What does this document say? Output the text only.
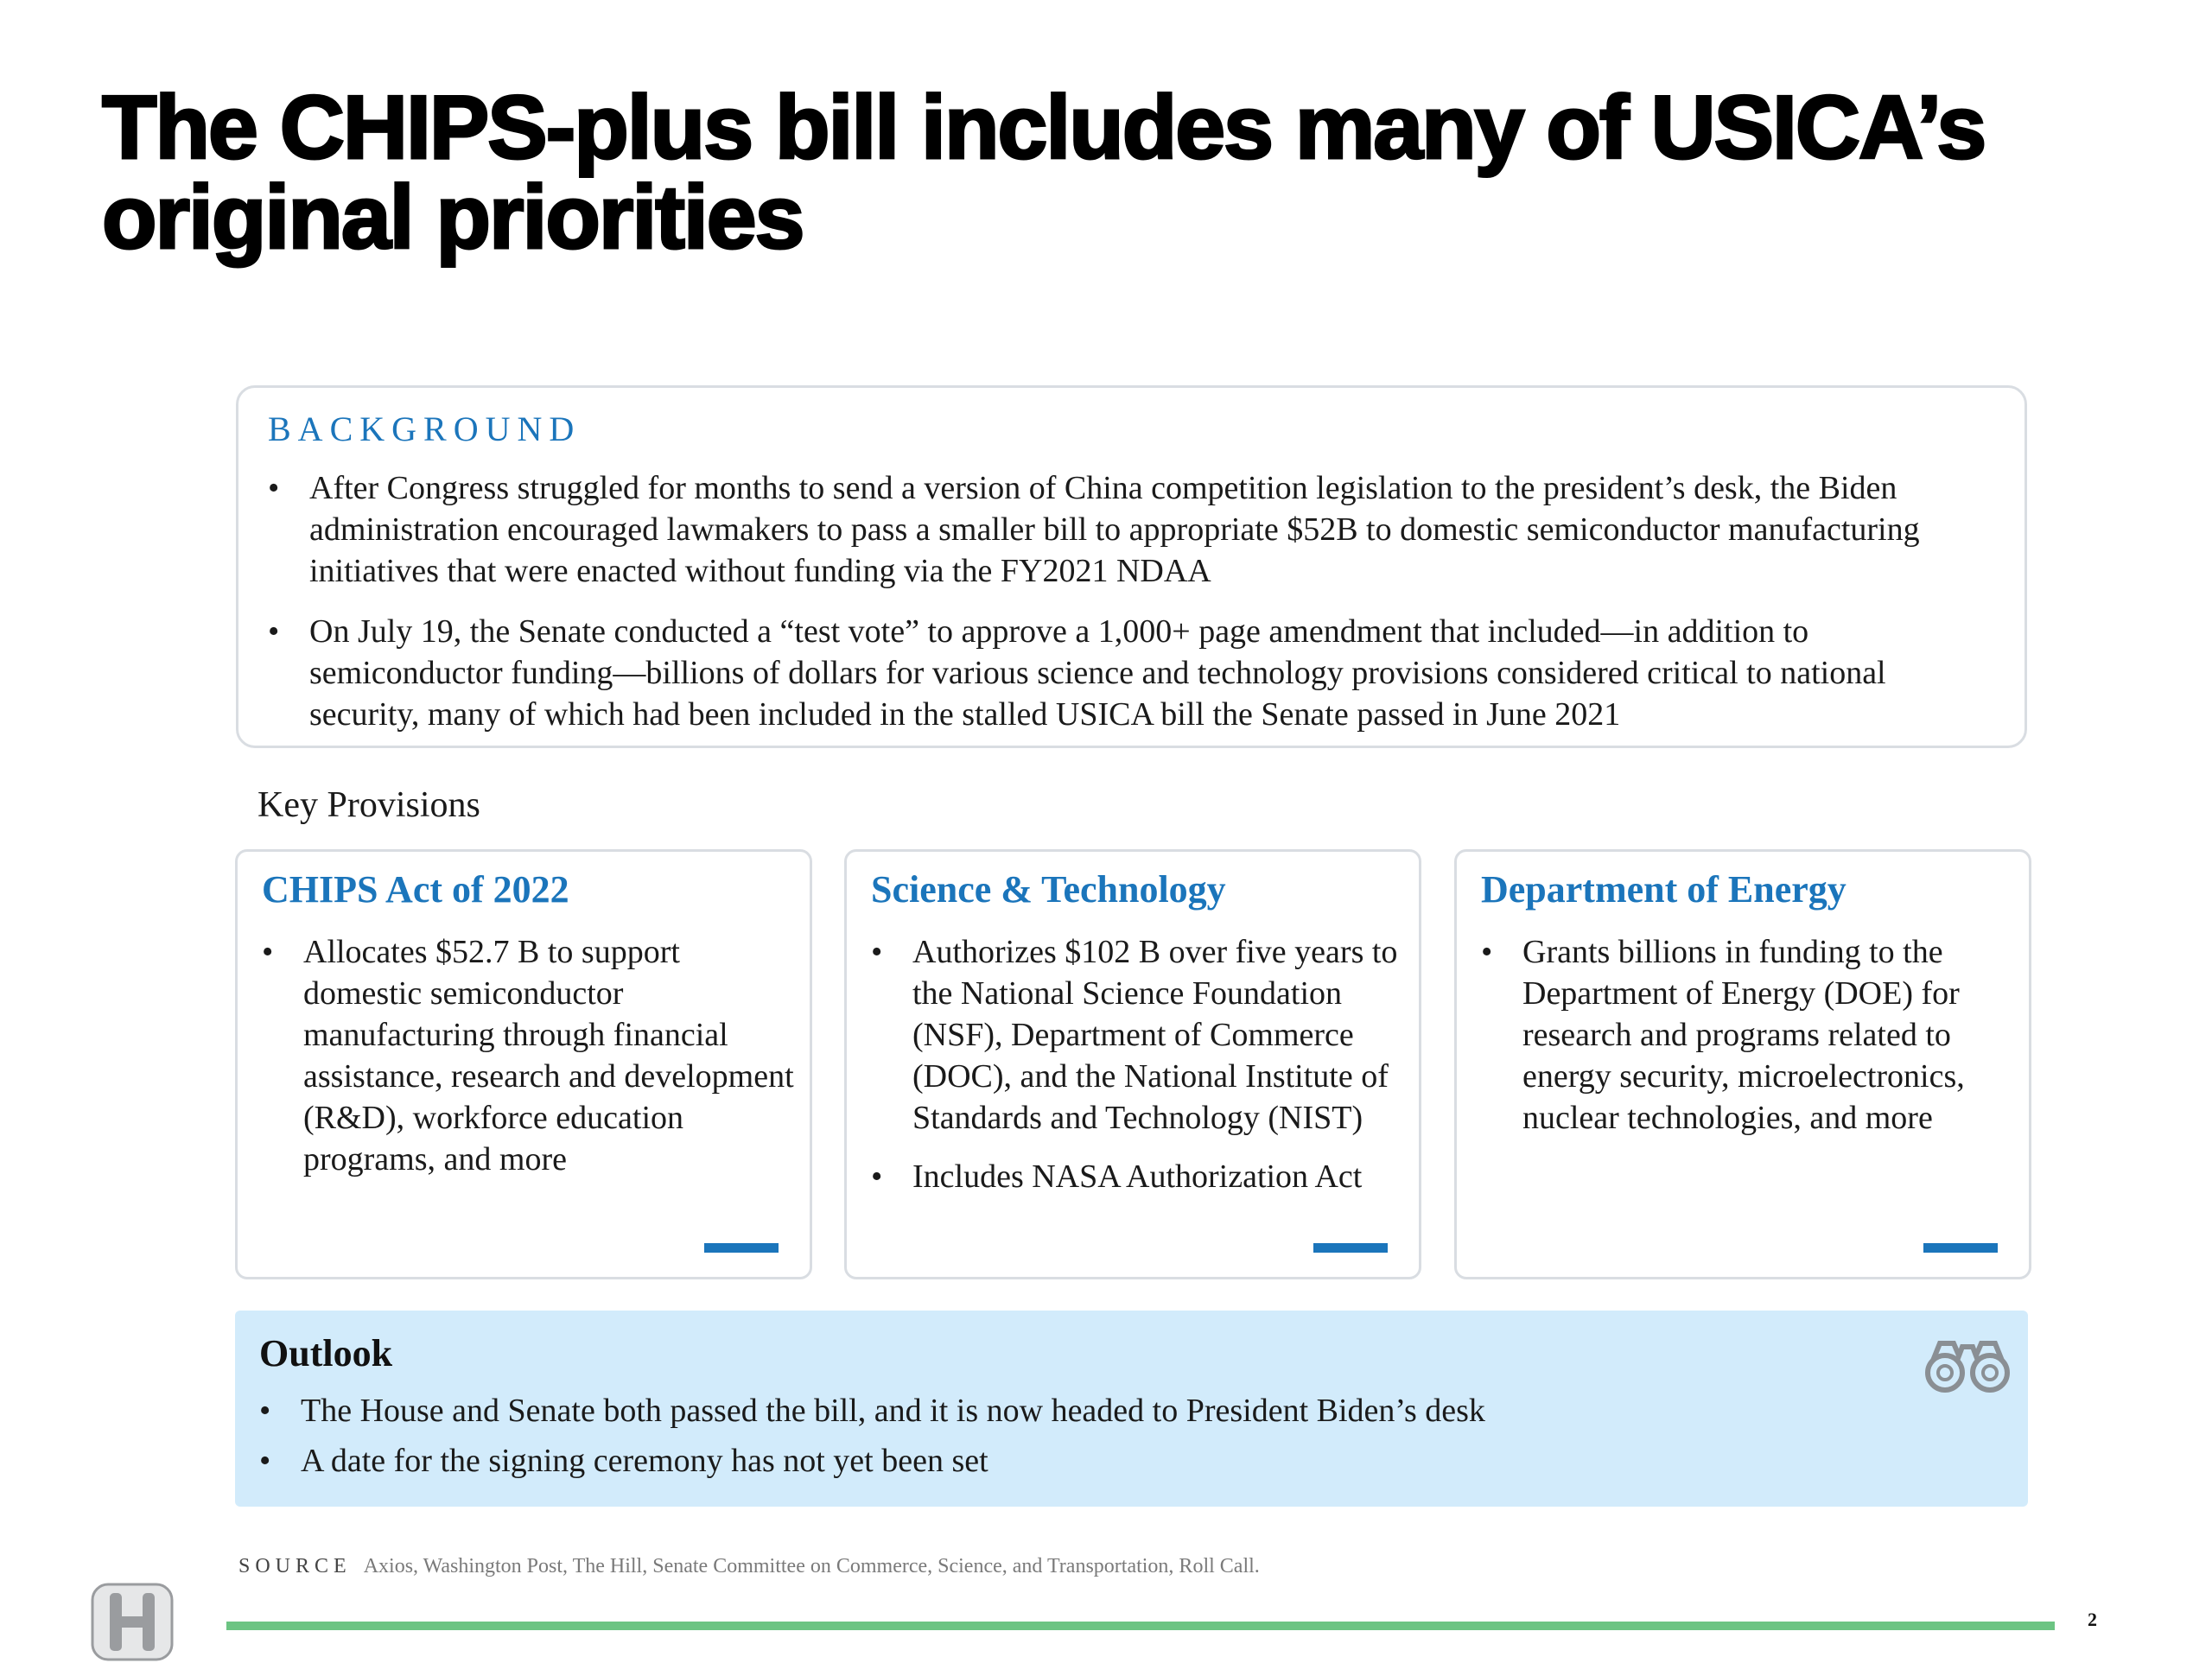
The CHIPS-plus bill includes many of USICA’s original priorities
BACKGROUND
• After Congress struggled for months to send a version of China competition legislation to the president’s desk, the Biden administration encouraged lawmakers to pass a smaller bill to appropriate $52B to domestic semiconductor manufacturing initiatives that were enacted without funding via the FY2021 NDAA
• On July 19, the Senate conducted a “test vote” to approve a 1,000+ page amendment that included—in addition to semiconductor funding—billions of dollars for various science and technology provisions considered critical to national security, many of which had been included in the stalled USICA bill the Senate passed in June 2021
Key Provisions
CHIPS Act of 2022
• Allocates $52.7 B to support domestic semiconductor manufacturing through financial assistance, research and development (R&D), workforce education programs, and more
Science & Technology
• Authorizes $102 B over five years to the National Science Foundation (NSF), Department of Commerce (DOC), and the National Institute of Standards and Technology (NIST)
• Includes NASA Authorization Act
Department of Energy
• Grants billions in funding to the Department of Energy (DOE) for research and programs related to energy security, microelectronics, nuclear technologies, and more
Outlook
• The House and Senate both passed the bill, and it is now headed to President Biden’s desk
• A date for the signing ceremony has not yet been set
SOURCE Axios, Washington Post, The Hill, Senate Committee on Commerce, Science, and Transportation, Roll Call.
2
